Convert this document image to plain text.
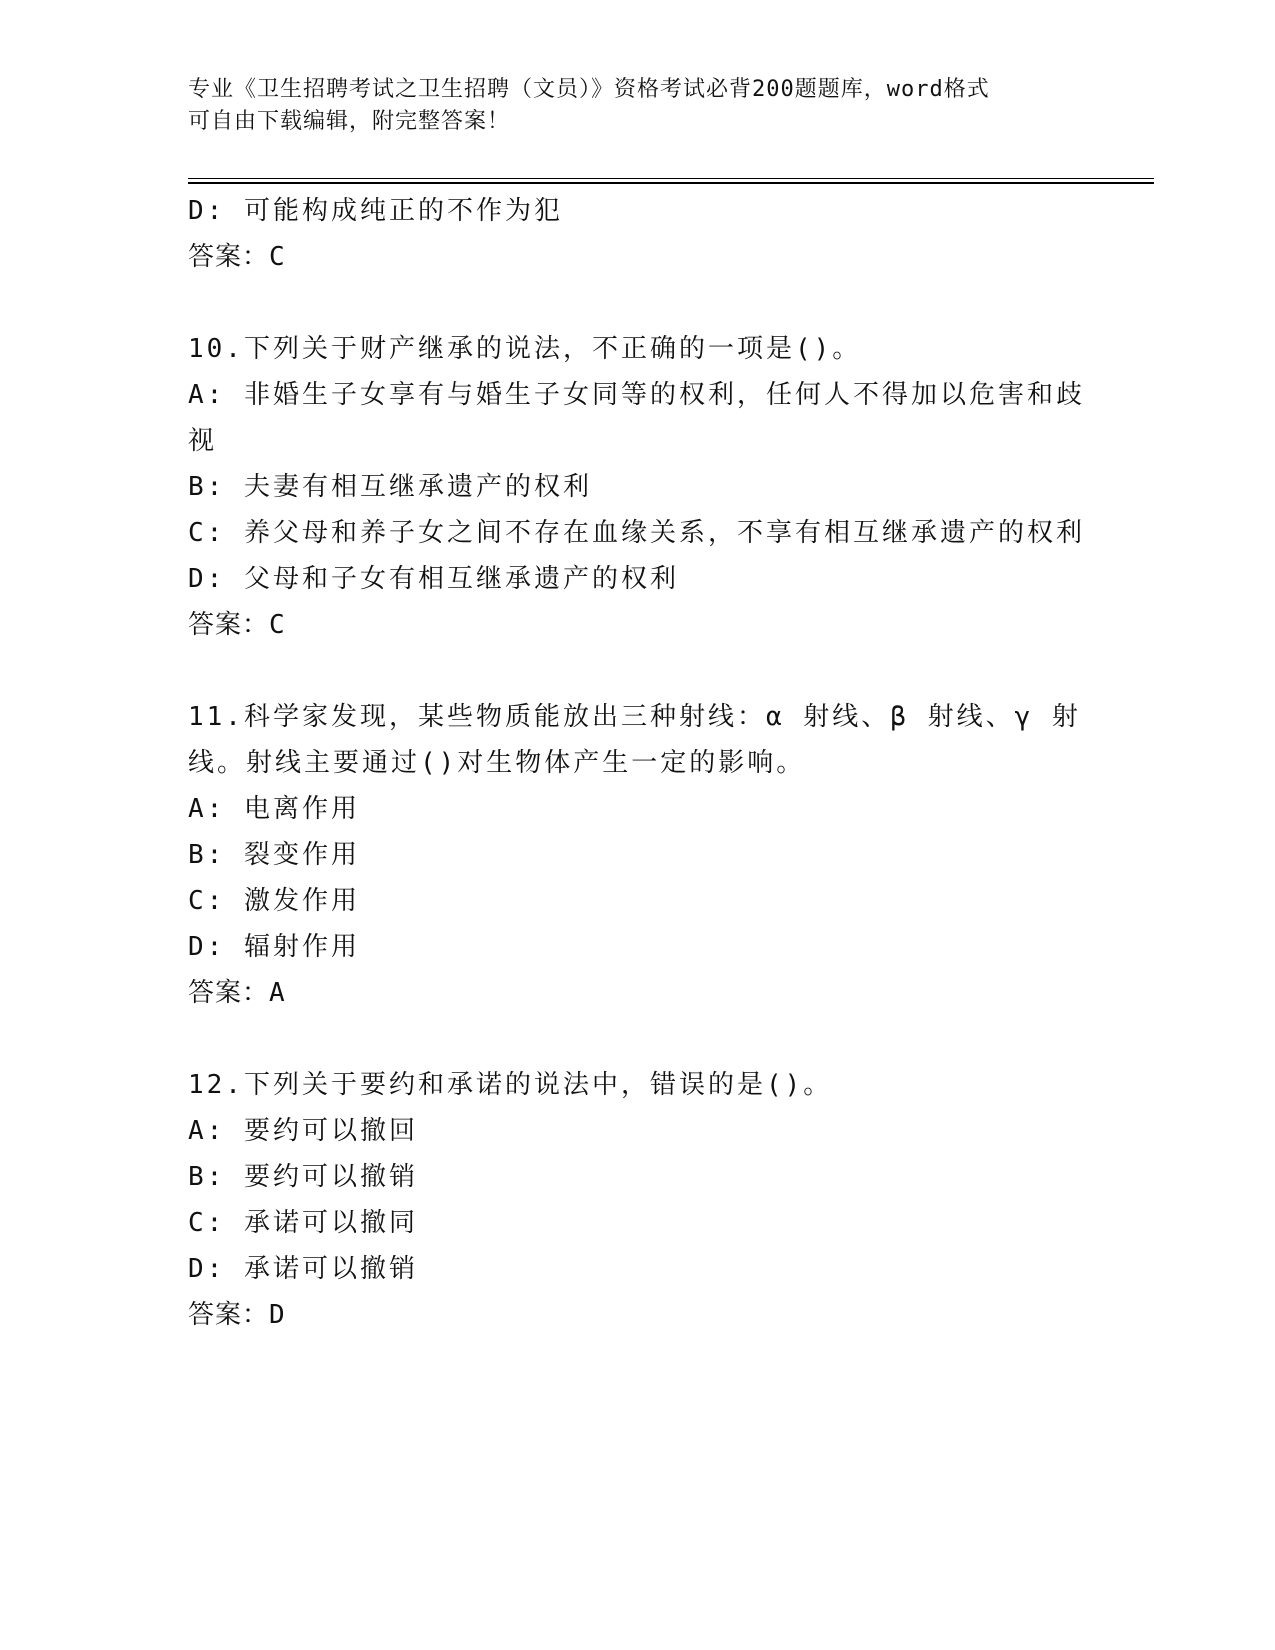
专业《卫生招聘考试之卫生招聘（文员）》资格考试必背200题题库，word格式
可自由下载编辑，附完整答案！
D: 可能构成纯正的不作为犯
答案：C
10.下列关于财产继承的说法，不正确的一项是()。
A: 非婚生子女享有与婚生子女同等的权利，任何人不得加以危害和歧
视
B: 夫妻有相互继承遗产的权利
C: 养父母和养子女之间不存在血缘关系，不享有相互继承遗产的权利
D: 父母和子女有相互继承遗产的权利
答案：C
11.科学家发现，某些物质能放出三种射线：α 射线、β 射线、γ 射
线。射线主要通过()对生物体产生一定的影响。
A: 电离作用
B: 裂变作用
C: 激发作用
D: 辐射作用
答案：A
12.下列关于要约和承诺的说法中，错误的是()。
A: 要约可以撤回
B: 要约可以撤销
C: 承诺可以撤同
D: 承诺可以撤销
答案：D
